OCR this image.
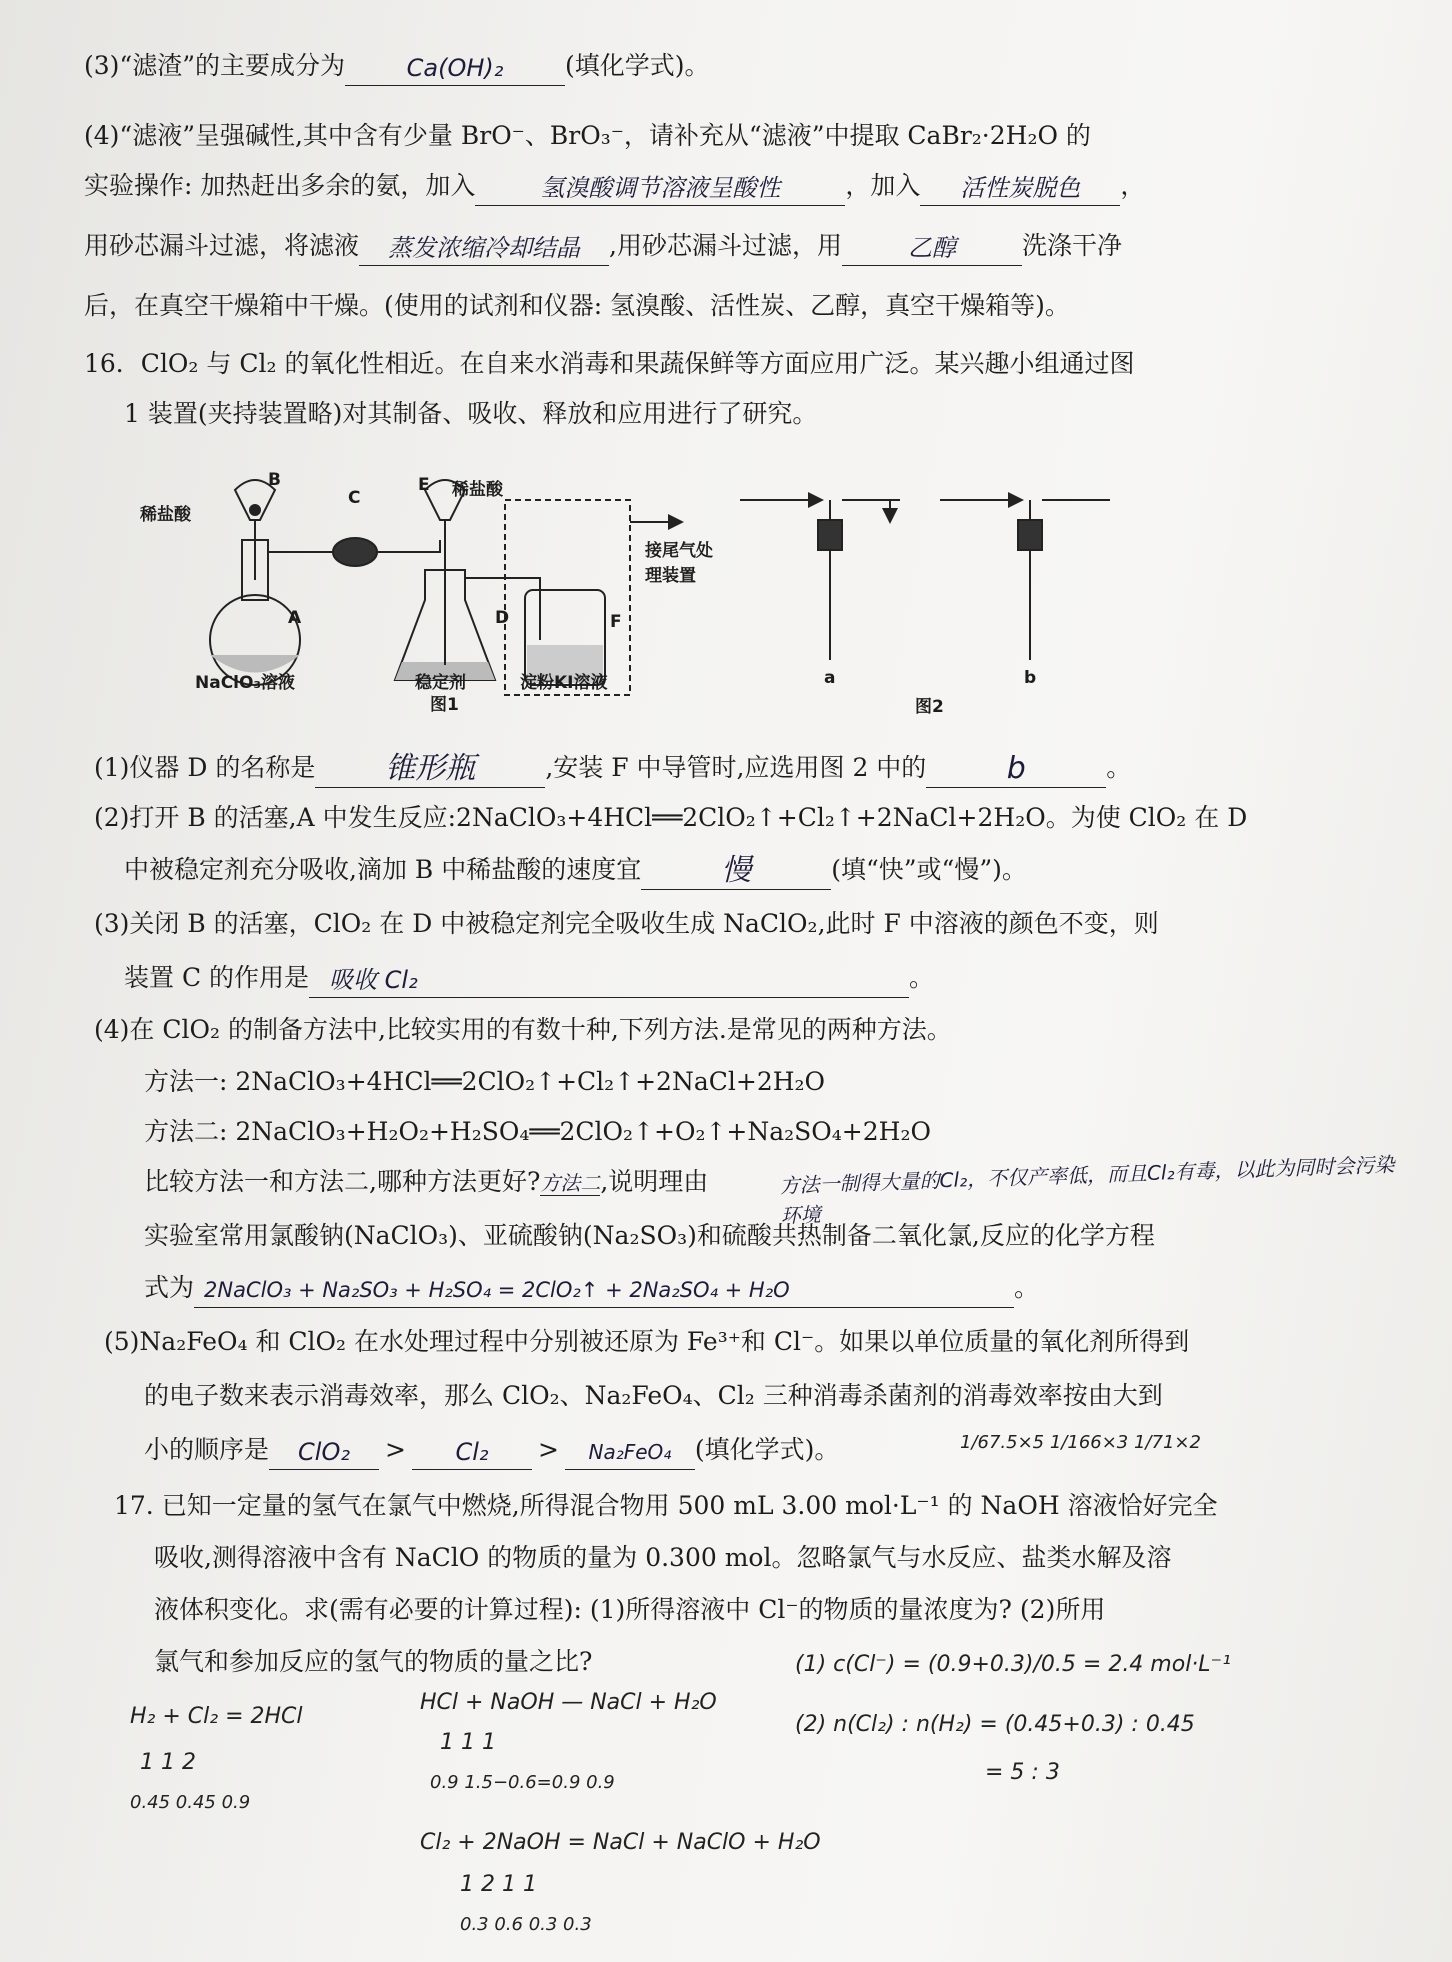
(3)“滤渣”的主要成分为	Ca(OH)₂ (填化学式)。
(4)“滤液”呈强碱性,其中含有少量 BrO⁻、BrO₃⁻，请补充从“滤液”中提取 CaBr₂·2H₂O 的
实验操作: 加热赶出多余的氨，加入	氢溴酸调节溶液呈酸性	，加入 活性炭脱色 ，
用砂芯漏斗过滤，将滤液 蒸发浓缩冷却结晶 ,用砂芯漏斗过滤，用	乙醇	洗涤干净
后，在真空干燥箱中干燥。(使用的试剂和仪器: 氢溴酸、活性炭、乙醇，真空干燥箱等)。
16．ClO₂ 与 Cl₂ 的氧化性相近。在自来水消毒和果蔬保鲜等方面应用广泛。某兴趣小组通过图
1 装置(夹持装置略)对其制备、吸收、释放和应用进行了研究。
B
稀盐酸
C
E 稀盐酸
A	D	F
接尾气处理装置
NaClO₃溶液	稳定剂	淀粉KI溶液
图1
a	b
图2
(1)仪器 D 的名称是 锥形瓶	,安装 F 中导管时,应选用图 2 中的	b	。
(2)打开 B 的活塞,A 中发生反应:2NaClO₃+4HCl══2ClO₂↑+Cl₂↑+2NaCl+2H₂O。为使 ClO₂ 在 D
中被稳定剂充分吸收,滴加 B 中稀盐酸的速度宜	慢	(填“快”或“慢”)。
(3)关闭 B 的活塞，ClO₂ 在 D 中被稳定剂完全吸收生成 NaClO₂,此时 F 中溶液的颜色不变，则
装置 C 的作用是 吸收 Cl₂	。
(4)在 ClO₂ 的制备方法中,比较实用的有数十种,下列方法.是常见的两种方法。
方法一: 2NaClO₃+4HCl══2ClO₂↑+Cl₂↑+2NaCl+2H₂O
方法二: 2NaClO₃+H₂O₂+H₂SO₄══2ClO₂↑+O₂↑+Na₂SO₄+2H₂O
比较方法一和方法二,哪种方法更好?方法二,说明理由	方法一制得大量的Cl₂，不仅产率低，而且Cl₂有毒，以此为同时会污染环境
实验室常用氯酸钠(NaClO₃)、亚硫酸钠(Na₂SO₃)和硫酸共热制备二氧化氯,反应的化学方程
式为 2NaClO₃ + Na₂SO₃ + H₂SO₄ = 2ClO₂↑ + 2Na₂SO₄ + H₂O	。
(5)Na₂FeO₄ 和 ClO₂ 在水处理过程中分别被还原为 Fe³⁺和 Cl⁻。如果以单位质量的氧化剂所得到
的电子数来表示消毒效率，那么 ClO₂、Na₂FeO₄、Cl₂ 三种消毒杀菌剂的消毒效率按由大到
小的顺序是 ClO₂ > Cl₂ > Na₂FeO₄ (填化学式)。	1/67.5×5 1/166×3 1/71×2
17. 已知一定量的氢气在氯气中燃烧,所得混合物用 500 mL 3.00 mol·L⁻¹ 的 NaOH 溶液恰好完全
吸收,测得溶液中含有 NaClO 的物质的量为 0.300 mol。忽略氯气与水反应、盐类水解及溶
液体积变化。求(需有必要的计算过程): (1)所得溶液中 Cl⁻的物质的量浓度为? (2)所用
氯气和参加反应的氢气的物质的量之比?
H₂ + Cl₂ = 2HCl
1 1 2
0.45 0.45 0.9
HCl + NaOH — NaCl + H₂O
1 1 1
0.9 1.5−0.6=0.9 0.9
Cl₂ + 2NaOH = NaCl + NaClO + H₂O
1 2 1 1
0.3 0.6 0.3 0.3
(1) c(Cl⁻) = (0.9+0.3)/0.5 = 2.4 mol·L⁻¹
(2) n(Cl₂) : n(H₂) = (0.45+0.3) : 0.45
= 5 : 3
